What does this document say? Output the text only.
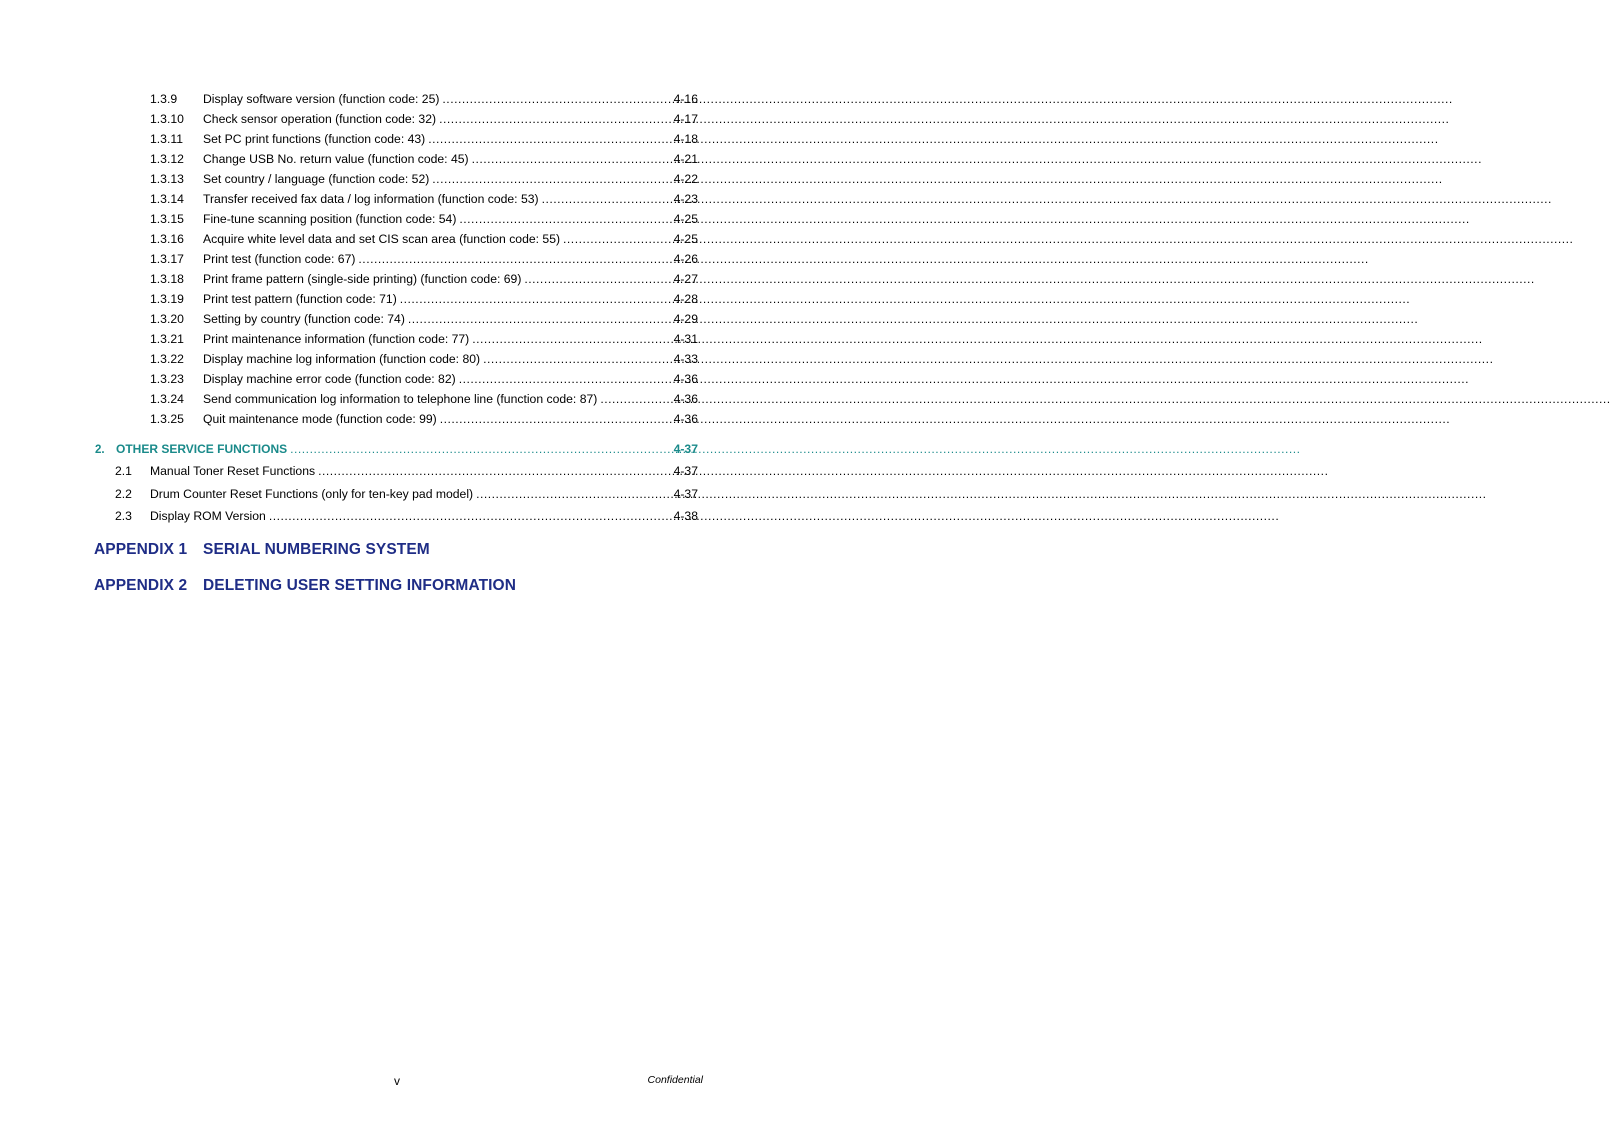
1.3.9	Display software version (function code: 25) .....	4-16
1.3.10	Check sensor operation (function code: 32) .....	4-17
1.3.11	Set PC print functions (function code: 43) .....	4-18
1.3.12	Change USB No. return value (function code: 45) .....	4-21
1.3.13	Set country / language (function code: 52) .....	4-22
1.3.14	Transfer received fax data / log information (function code: 53) .....	4-23
1.3.15	Fine-tune scanning position (function code: 54) .....	4-25
1.3.16	Acquire white level data and set CIS scan area (function code: 55) .....	4-25
1.3.17	Print test (function code: 67) .....	4-26
1.3.18	Print frame pattern (single-side printing) (function code: 69) .....	4-27
1.3.19	Print test pattern (function code: 71) .....	4-28
1.3.20	Setting by country (function code: 74) .....	4-29
1.3.21	Print maintenance information (function code: 77) .....	4-31
1.3.22	Display machine log information (function code: 80) .....	4-33
1.3.23	Display machine error code (function code: 82) .....	4-36
1.3.24	Send communication log information to telephone line (function code: 87) .....	4-36
1.3.25	Quit maintenance mode (function code: 99) .....	4-36
2. OTHER SERVICE FUNCTIONS .....	4-37
2.1	Manual Toner Reset Functions .....	4-37
2.2	Drum Counter Reset Functions (only for ten-key pad model) .....	4-37
2.3	Display ROM Version .....	4-38
APPENDIX 1 SERIAL NUMBERING SYSTEM
APPENDIX 2 DELETING USER SETTING INFORMATION
v	Confidential
